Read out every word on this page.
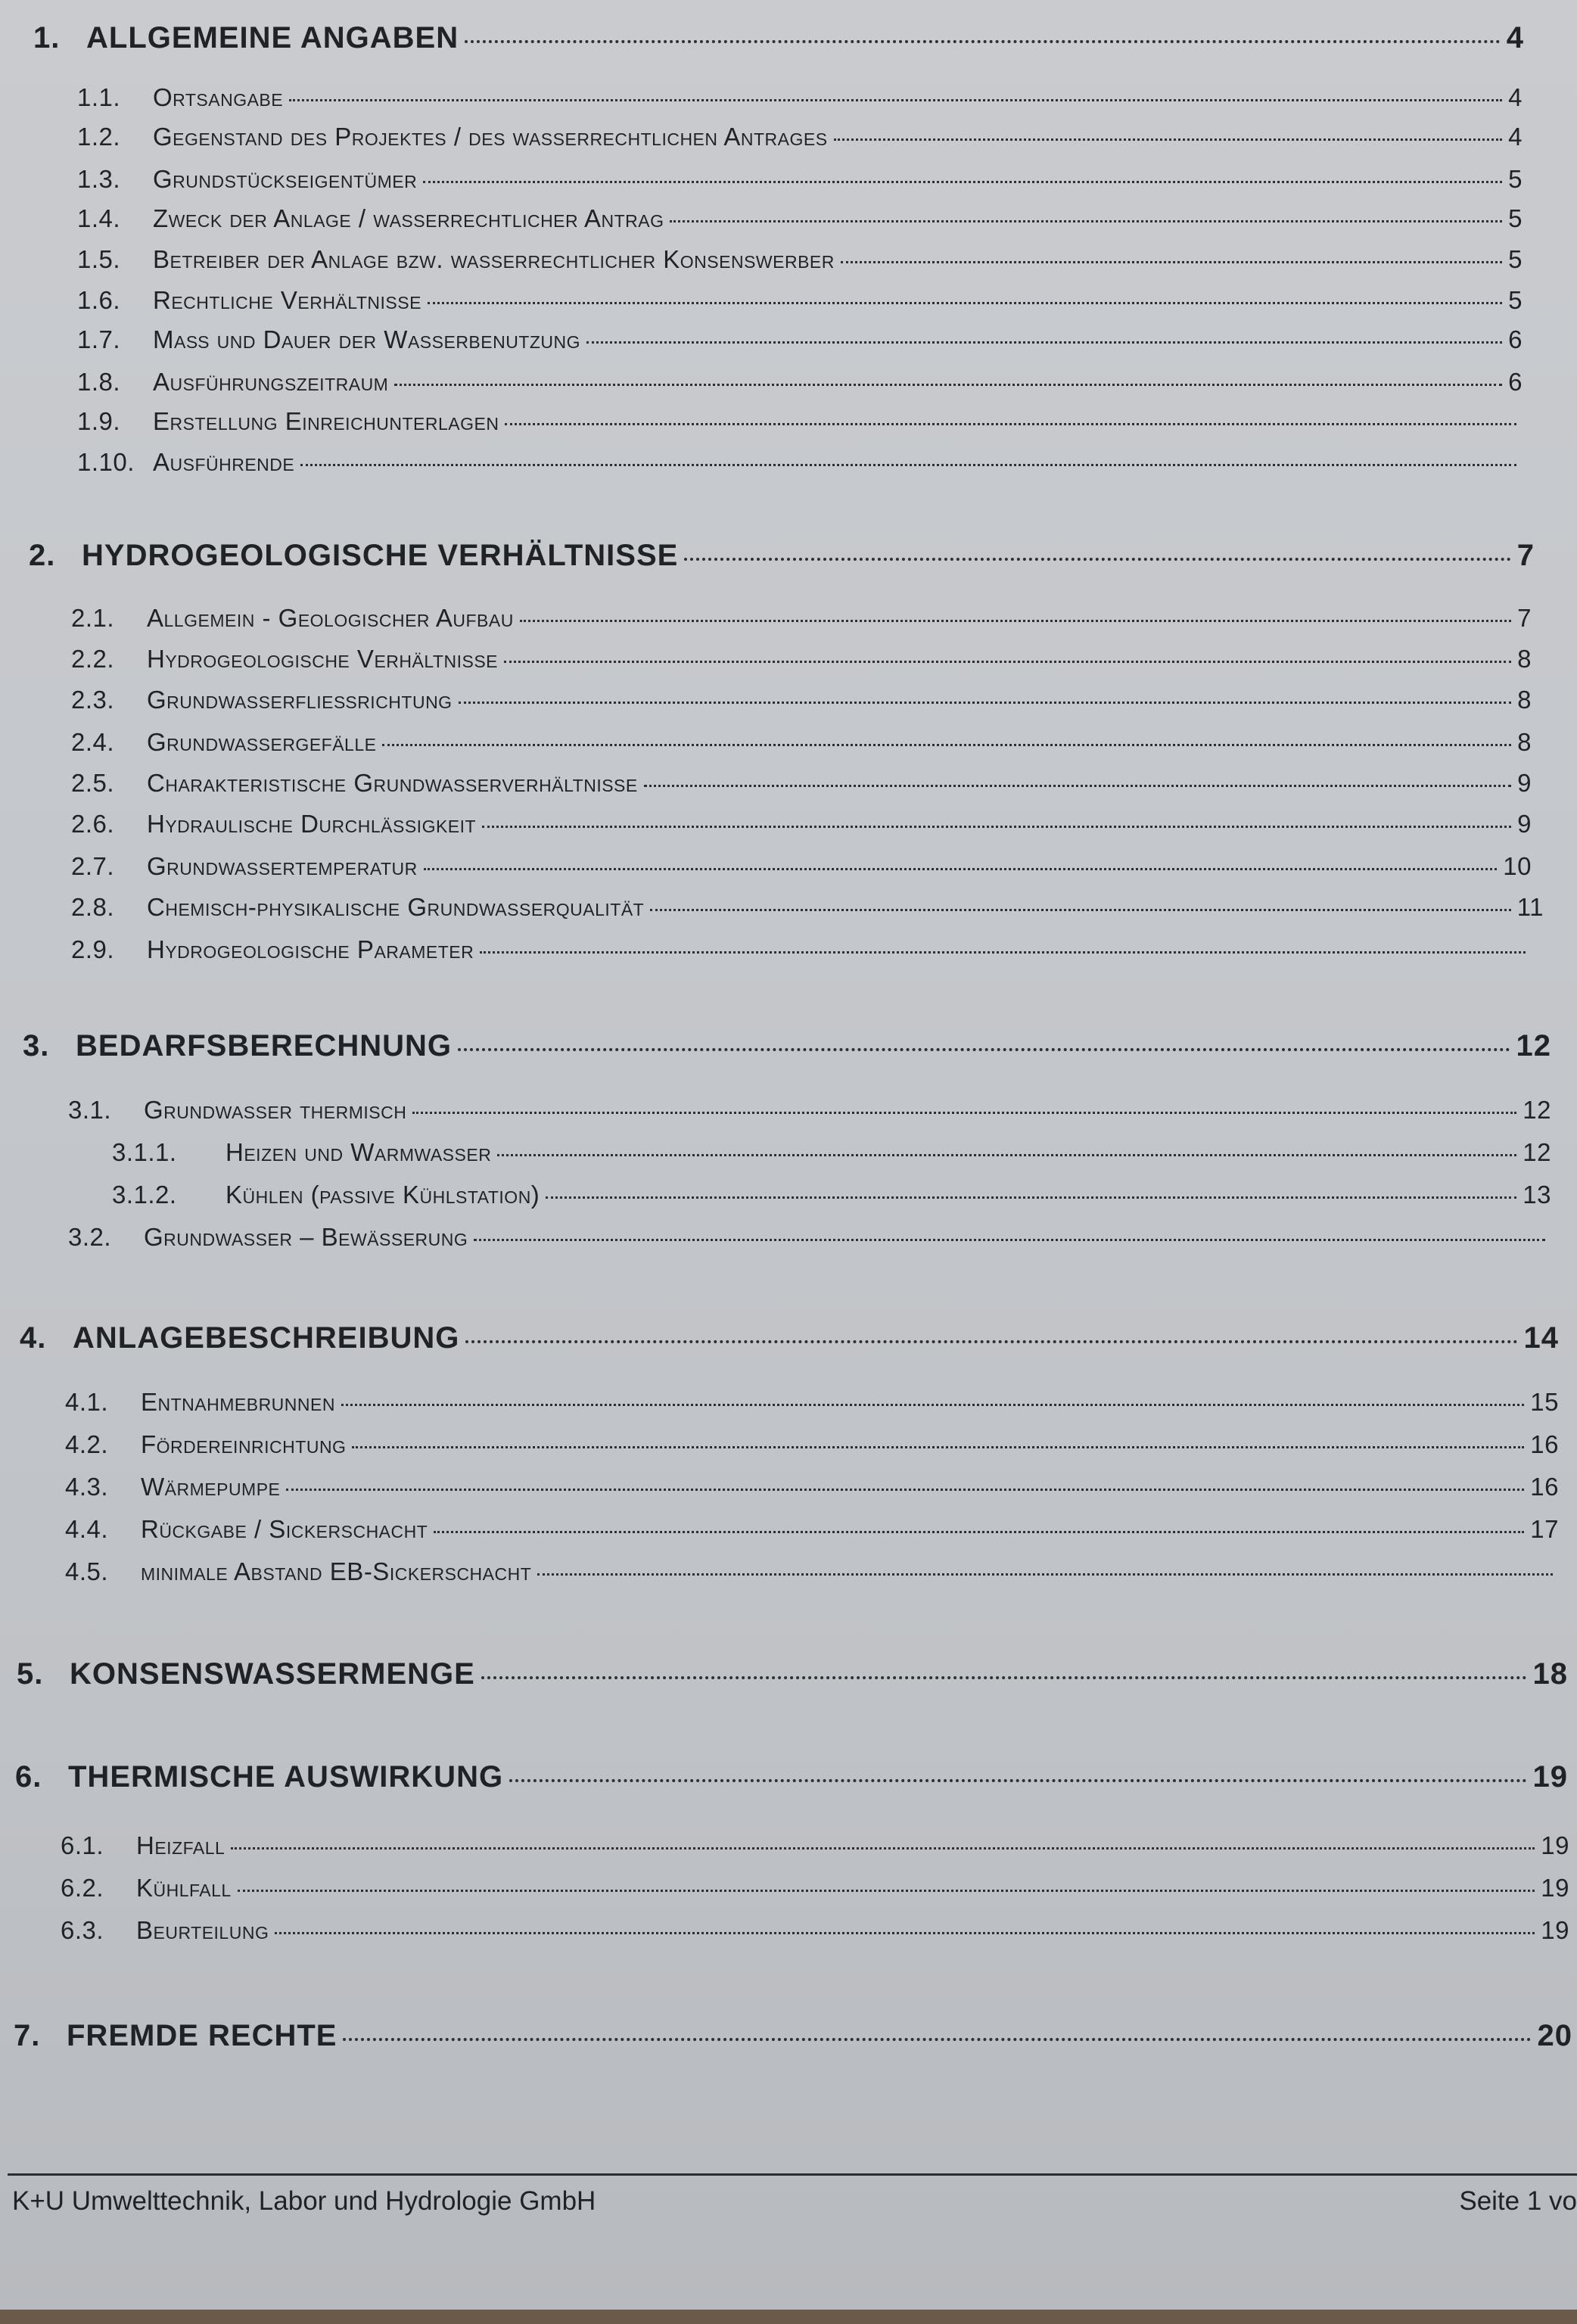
1. ALLGEMEINE ANGABEN	4
1.1.	Ortsangabe	4
1.2.	Gegenstand des Projektes / des wasserrechtlichen Antrages	4
1.3.	Grundstückseigentümer	5
1.4.	Zweck der Anlage / wasserrechtlicher Antrag	5
1.5.	Betreiber der Anlage bzw. wasserrechtlicher Konsenswerber	5
1.6.	Rechtliche Verhältnisse	5
1.7.	Maß und Dauer der Wasserbenutzung	6
1.8.	Ausführungszeitraum	6
1.9.	Erstellung Einreichunterlagen
1.10. Ausführende
2. HYDROGEOLOGISCHE VERHÄLTNISSE	7
2.1.	Allgemein - Geologischer Aufbau	7
2.2.	Hydrogeologische Verhältnisse	8
2.3.	Grundwasserfließrichtung	8
2.4.	Grundwassergefälle	8
2.5.	Charakteristische Grundwasserverhältnisse	9
2.6.	Hydraulische Durchlässigkeit	9
2.7.	Grundwassertemperatur	10
2.8.	Chemisch-physikalische Grundwasserqualität	11
2.9.	Hydrogeologische Parameter
3. BEDARFSBERECHNUNG	12
3.1.	Grundwasser thermisch	12
3.1.1.	Heizen und Warmwasser	12
3.1.2.	Kühlen (passive Kühlstation)	13
3.2.	Grundwasser – Bewässerung
4. ANLAGEBESCHREIBUNG	14
4.1.	Entnahmebrunnen	15
4.2.	Fördereinrichtung	16
4.3.	Wärmepumpe	16
4.4.	Rückgabe / Sickerschacht	17
4.5.	minimale Abstand EB-Sickerschacht
5. KONSENSWASSERMENGE	18
6. THERMISCHE AUSWIRKUNG	19
6.1.	Heizfall	19
6.2.	Kühlfall	19
6.3.	Beurteilung	19
7. FREMDE RECHTE	20
K+U Umwelttechnik, Labor und Hydrologie GmbH	Seite 1 vo
